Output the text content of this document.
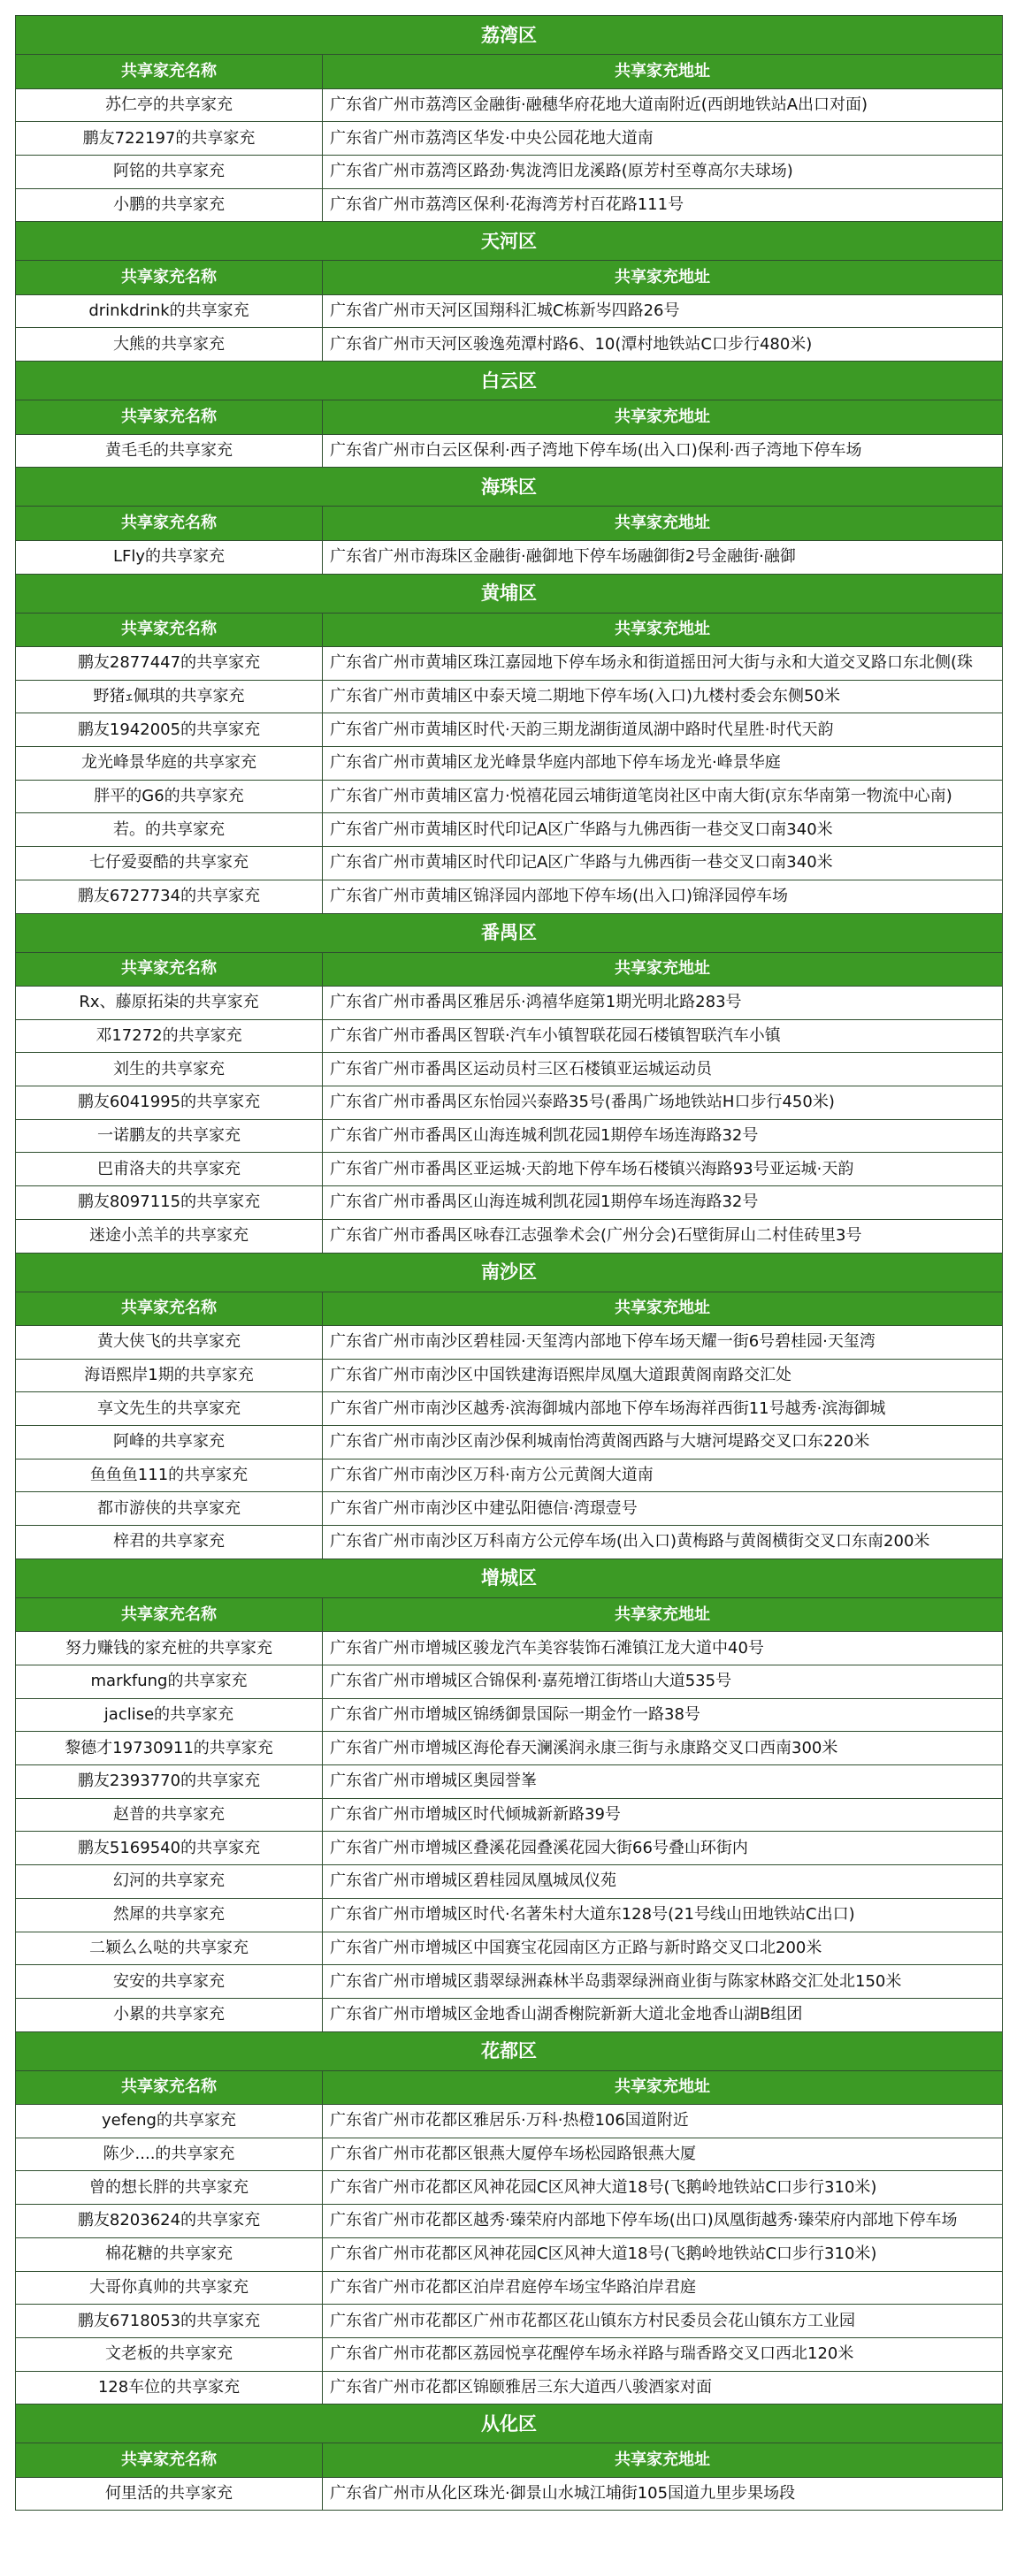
荔湾区	
共享家充名称	共享家充地址
苏仁亭的共享家充	广东省广州市荔湾区金融街·融穗华府花地大道南附近(西朗地铁站A出口对面)
鹏友722197的共享家充	广东省广州市荔湾区华发·中央公园花地大道南
阿铭的共享家充	广东省广州市荔湾区路劲·隽泷湾旧龙溪路(原芳村至尊高尔夫球场)
小鹏的共享家充	广东省广州市荔湾区保利·花海湾芳村百花路111号
天河区	
共享家充名称	共享家充地址
drinkdrink的共享家充	广东省广州市天河区国翔科汇城C栋新岑四路26号
大熊的共享家充	广东省广州市天河区骏逸苑潭村路6、10(潭村地铁站C口步行480米)
白云区	
共享家充名称	共享家充地址
黄毛毛的共享家充	广东省广州市白云区保利·西子湾地下停车场(出入口)保利·西子湾地下停车场
海珠区	
共享家充名称	共享家充地址
LFly的共享家充	广东省广州市海珠区金融街·融御地下停车场融御街2号金融街·融御
黄埔区	
共享家充名称	共享家充地址
鹏友2877447的共享家充	广东省广州市黄埔区珠江嘉园地下停车场永和街道摇田河大街与永和大道交叉路口东北侧(珠
野猪ｪ佩琪的共享家充	广东省广州市黄埔区中泰天境二期地下停车场(入口)九楼村委会东侧50米
鹏友1942005的共享家充	广东省广州市黄埔区时代·天韵三期龙湖街道凤湖中路时代星胜·时代天韵
龙光峰景华庭的共享家充	广东省广州市黄埔区龙光峰景华庭内部地下停车场龙光·峰景华庭
胖平的G6的共享家充	广东省广州市黄埔区富力·悦禧花园云埔街道笔岗社区中南大街(京东华南第一物流中心南)
若。的共享家充	广东省广州市黄埔区时代印记A区广华路与九佛西街一巷交叉口南340米
七仔爱耍酷的共享家充	广东省广州市黄埔区时代印记A区广华路与九佛西街一巷交叉口南340米
鹏友6727734的共享家充	广东省广州市黄埔区锦泽园内部地下停车场(出入口)锦泽园停车场
番禺区	
共享家充名称	共享家充地址
Rx、藤原拓柒的共享家充	广东省广州市番禺区雅居乐·鸿禧华庭第1期光明北路283号
邓17272的共享家充	广东省广州市番禺区智联·汽车小镇智联花园石楼镇智联汽车小镇
刘生的共享家充	广东省广州市番禺区运动员村三区石楼镇亚运城运动员
鹏友6041995的共享家充	广东省广州市番禺区东怡园兴泰路35号(番禺广场地铁站H口步行450米)
一诺鹏友的共享家充	广东省广州市番禺区山海连城利凯花园1期停车场连海路32号
巴甫洛夫的共享家充	广东省广州市番禺区亚运城·天韵地下停车场石楼镇兴海路93号亚运城·天韵
鹏友8097115的共享家充	广东省广州市番禺区山海连城利凯花园1期停车场连海路32号
迷途小羔羊的共享家充	广东省广州市番禺区咏春江志强拳术会(广州分会)石壁街屏山二村佳砖里3号
南沙区	
共享家充名称	共享家充地址
黄大侠飞的共享家充	广东省广州市南沙区碧桂园·天玺湾内部地下停车场天耀一街6号碧桂园·天玺湾
海语熙岸1期的共享家充	广东省广州市南沙区中国铁建海语熙岸凤凰大道跟黄阁南路交汇处
享文先生的共享家充	广东省广州市南沙区越秀·滨海御城内部地下停车场海祥西街11号越秀·滨海御城
阿峰的共享家充	广东省广州市南沙区南沙保利城南怡湾黄阁西路与大塘河堤路交叉口东220米
鱼鱼鱼111的共享家充	广东省广州市南沙区万科·南方公元黄阁大道南
都市游侠的共享家充	广东省广州市南沙区中建弘阳德信·湾璟壹号
梓君的共享家充	广东省广州市南沙区万科南方公元停车场(出入口)黄梅路与黄阁横街交叉口东南200米
增城区	
共享家充名称	共享家充地址
努力赚钱的家充桩的共享家充	广东省广州市增城区骏龙汽车美容装饰石滩镇江龙大道中40号
markfung的共享家充	广东省广州市增城区合锦保利·嘉苑增江街塔山大道535号
jaclise的共享家充	广东省广州市增城区锦绣御景国际一期金竹一路38号
黎德才19730911的共享家充	广东省广州市增城区海伦春天澜溪润永康三街与永康路交叉口西南300米
鹏友2393770的共享家充	广东省广州市增城区奥园誉峯
赵普的共享家充	广东省广州市增城区时代倾城新新路39号
鹏友5169540的共享家充	广东省广州市增城区叠溪花园叠溪花园大街66号叠山环街内
幻河的共享家充	广东省广州市增城区碧桂园凤凰城凤仪苑
然犀的共享家充	广东省广州市增城区时代·名著朱村大道东128号(21号线山田地铁站C出口)
二颖么么哒的共享家充	广东省广州市增城区中国赛宝花园南区方正路与新时路交叉口北200米
安安的共享家充	广东省广州市增城区翡翠绿洲森林半岛翡翠绿洲商业街与陈家林路交汇处北150米
小累的共享家充	广东省广州市增城区金地香山湖香榭院新新大道北金地香山湖B组团
花都区	
共享家充名称	共享家充地址
yefeng的共享家充	广东省广州市花都区雅居乐·万科·热橙106国道附近
陈少....的共享家充	广东省广州市花都区银燕大厦停车场松园路银燕大厦
曾的想长胖的共享家充	广东省广州市花都区风神花园C区风神大道18号(飞鹅岭地铁站C口步行310米)
鹏友8203624的共享家充	广东省广州市花都区越秀·臻荣府内部地下停车场(出口)凤凰街越秀·臻荣府内部地下停车场
棉花糖的共享家充	广东省广州市花都区风神花园C区风神大道18号(飞鹅岭地铁站C口步行310米)
大哥你真帅的共享家充	广东省广州市花都区泊岸君庭停车场宝华路泊岸君庭
鹏友6718053的共享家充	广东省广州市花都区广州市花都区花山镇东方村民委员会花山镇东方工业园
文老板的共享家充	广东省广州市花都区荔园悦享花醒停车场永祥路与瑞香路交叉口西北120米
128车位的共享家充	广东省广州市花都区锦颐雅居三东大道西八骏酒家对面
从化区	
共享家充名称	共享家充地址
何里活的共享家充	广东省广州市从化区珠光·御景山水城江埔街105国道九里步果场段
